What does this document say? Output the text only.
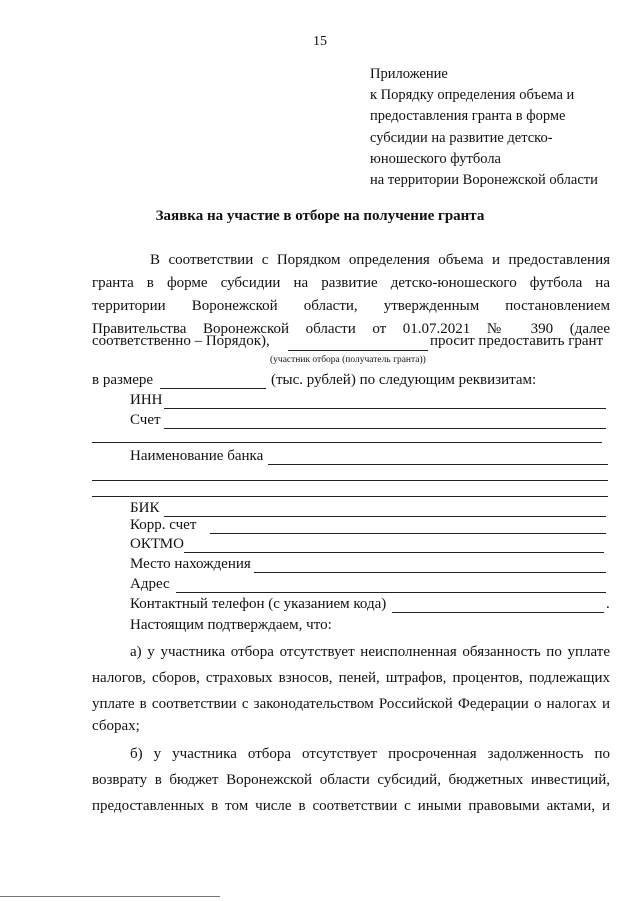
15
Приложение
к Порядку определения объема и
предоставления гранта в форме
субсидии на развитие детско-
юношеского футбола
на территории Воронежской области
Заявка на участие в отборе на получение гранта
В соответствии с Порядком определения объема и предоставления
гранта в форме субсидии на развитие детско-юношеского футбола на
территории Воронежской области, утвержденным постановлением
Правительства Воронежской области от 01.07.2021 № 390 (далее
соответственно – Порядок),	просит предоставить грант
(участник отбора (получатель гранта))
в размере	(тыс. рублей) по следующим реквизитам:
ИНН
Счет
Наименование банка
БИК
Корр. счет
ОКТМО
Место нахождения
Адрес
Контактный телефон (с указанием кода)	.
Настоящим подтверждаем, что:
а) у участника отбора отсутствует неисполненная обязанность по уплате
налогов, сборов, страховых взносов, пеней, штрафов, процентов, подлежащих
уплате в соответствии с законодательством Российской Федерации о налогах и
сборах;
б) у участника отбора отсутствует просроченная задолженность по
возврату в бюджет Воронежской области субсидий, бюджетных инвестиций,
предоставленных в том числе в соответствии с иными правовыми актами, и
